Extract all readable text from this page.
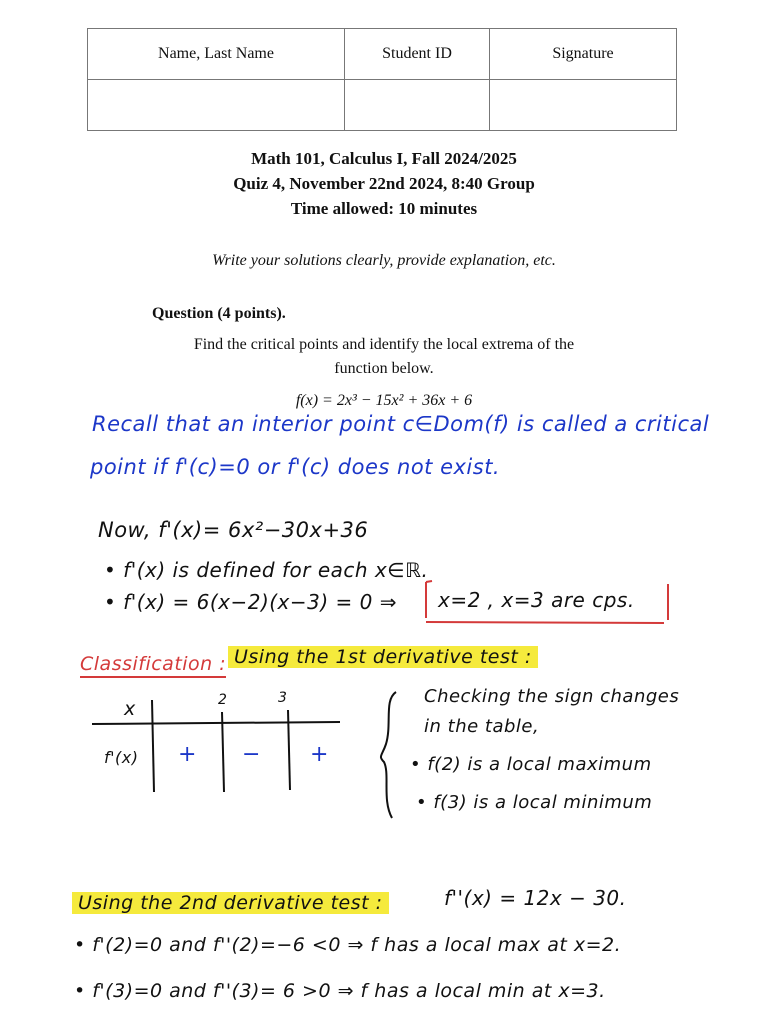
Name, Last Name	Student ID	Signature

Math 101, Calculus I, Fall 2024/2025
Quiz 4, November 22nd 2024, 8:40 Group
Time allowed: 10 minutes
Write your solutions clearly, provide explanation, etc.
Question (4 points).
Find the critical points and identify the local extrema of the
function below.
f(x) = 2x³ − 15x² + 36x + 6
Recall that an interior point c∈Dom(f) is called a critical
point if f'(c)=0 or f'(c) does not exist.
Now, f'(x)= 6x²−30x+36
• f'(x) is defined for each x∈ℝ.
• f'(x) = 6(x−2)(x−3) = 0 ⇒ x=2 , x=3 are cps.
Classification : Using the 1st derivative test :
x	2	3
f'(x) + − +
Checking the sign changes
in the table,
• f(2) is a local maximum
• f(3) is a local minimum
Using the 2nd derivative test :	f''(x) = 12x − 30.
• f'(2)=0 and f''(2)=−6 <0 ⇒ f has a local max at x=2.
• f'(3)=0 and f''(3)= 6 >0 ⇒ f has a local min at x=3.
